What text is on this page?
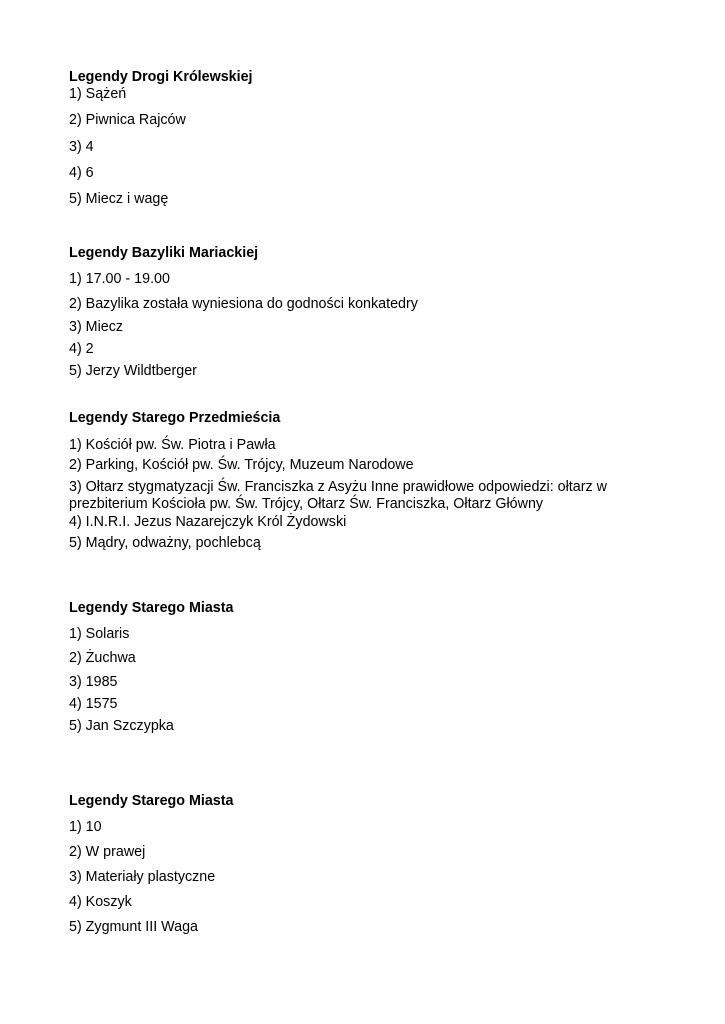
Legendy Drogi Królewskiej
1) Sążeń
2) Piwnica Rajców
3) 4
4) 6
5) Miecz i wagę
Legendy Bazyliki Mariackiej
1) 17.00 - 19.00
2) Bazylika została wyniesiona do godności konkatedry
3) Miecz
4) 2
5) Jerzy Wildtberger
Legendy Starego Przedmieścia
1) Kościół pw. Św. Piotra i Pawła
2) Parking, Kościół pw. Św. Trójcy, Muzeum Narodowe
3) Ołtarz stygmatyzacji Św. Franciszka z Asyżu Inne prawidłowe odpowiedzi: ołtarz w prezbiterium Kościoła pw. Św. Trójcy, Ołtarz Św. Franciszka, Ołtarz Główny
4) I.N.R.I. Jezus Nazarejczyk Król Żydowski
5) Mądry, odważny, pochlebcą
Legendy Starego Miasta
1) Solaris
2) Żuchwa
3) 1985
4) 1575
5) Jan Szczypka
Legendy Starego Miasta
1) 10
2) W prawej
3) Materiały plastyczne
4) Koszyk
5) Zygmunt III Waga
